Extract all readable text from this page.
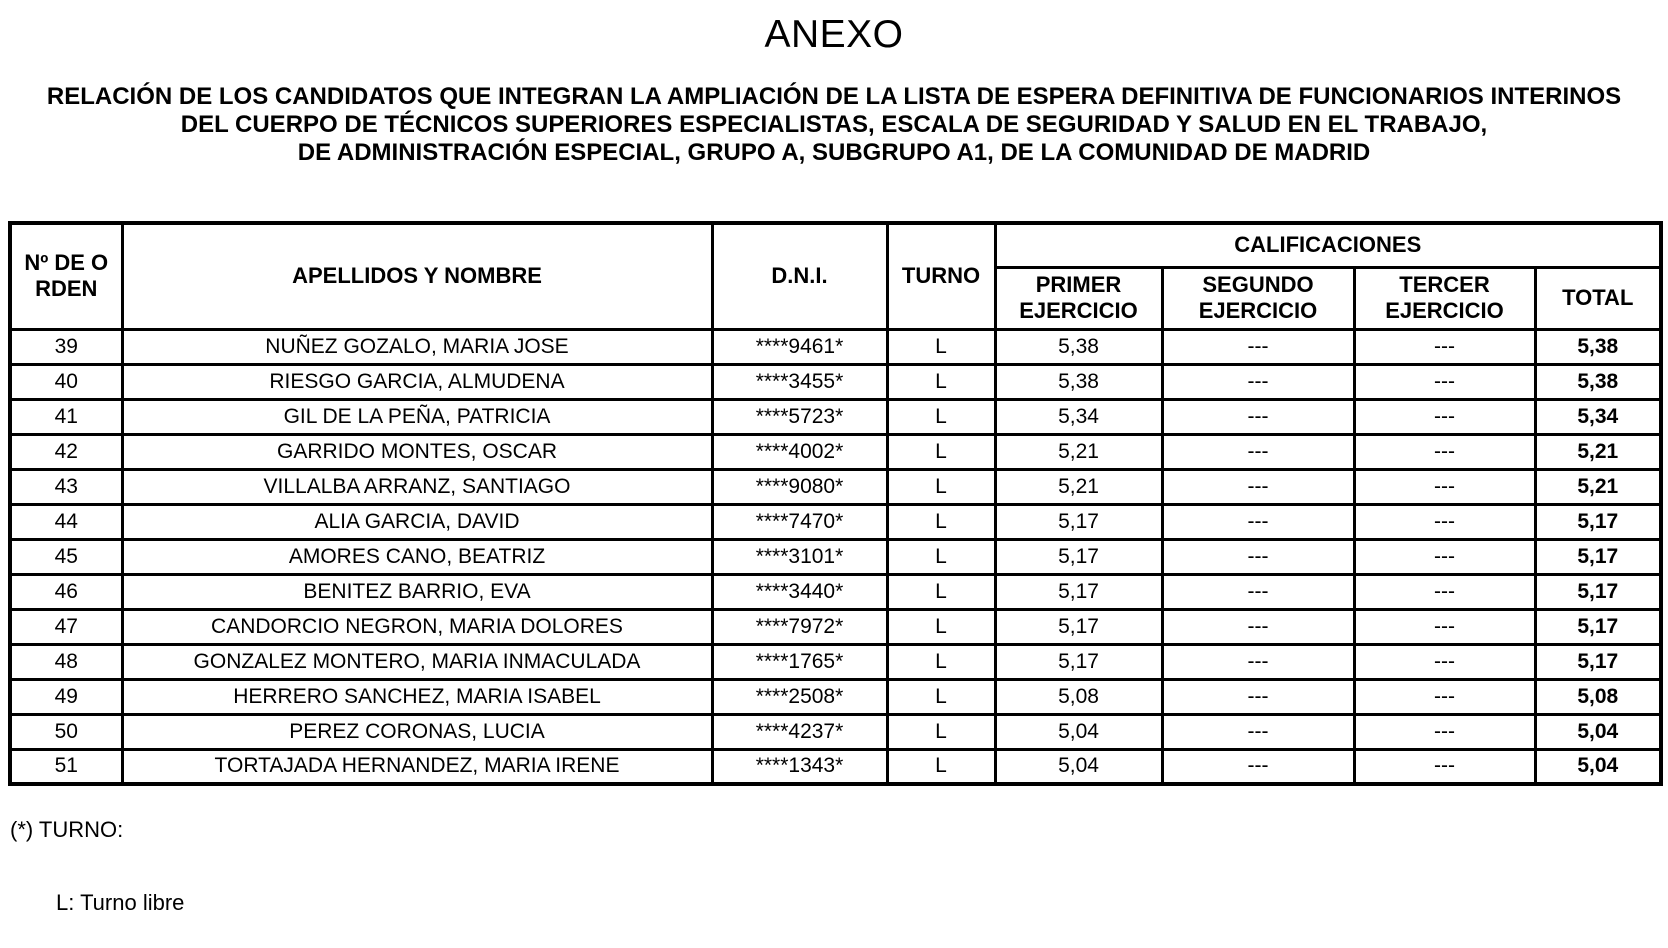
ANEXO
RELACIÓN DE LOS CANDIDATOS QUE INTEGRAN LA AMPLIACIÓN DE LA LISTA DE ESPERA DEFINITIVA DE FUNCIONARIOS INTERINOS
DEL CUERPO DE TÉCNICOS SUPERIORES ESPECIALISTAS, ESCALA DE SEGURIDAD Y SALUD EN EL TRABAJO,
DE ADMINISTRACIÓN ESPECIAL, GRUPO A, SUBGRUPO A1, DE LA COMUNIDAD DE MADRID
Nº DE ORDEN	APELLIDOS Y NOMBRE	D.N.I.	TURNO	CALIFICACIONES			
				PRIMER EJERCICIO	SEGUNDO EJERCICIO	TERCER EJERCICIO	TOTAL
39	NUÑEZ GOZALO, MARIA JOSE	****9461*	L	5,38	---	---	5,38
40	RIESGO GARCIA, ALMUDENA	****3455*	L	5,38	---	---	5,38
41	GIL DE LA PEÑA, PATRICIA	****5723*	L	5,34	---	---	5,34
42	GARRIDO MONTES, OSCAR	****4002*	L	5,21	---	---	5,21
43	VILLALBA ARRANZ, SANTIAGO	****9080*	L	5,21	---	---	5,21
44	ALIA GARCIA, DAVID	****7470*	L	5,17	---	---	5,17
45	AMORES CANO, BEATRIZ	****3101*	L	5,17	---	---	5,17
46	BENITEZ BARRIO, EVA	****3440*	L	5,17	---	---	5,17
47	CANDORCIO NEGRON, MARIA DOLORES	****7972*	L	5,17	---	---	5,17
48	GONZALEZ MONTERO, MARIA INMACULADA	****1765*	L	5,17	---	---	5,17
49	HERRERO SANCHEZ, MARIA ISABEL	****2508*	L	5,08	---	---	5,08
50	PEREZ CORONAS, LUCIA	****4237*	L	5,04	---	---	5,04
51	TORTAJADA HERNANDEZ, MARIA IRENE	****1343*	L	5,04	---	---	5,04
(*) TURNO:
L: Turno libre
